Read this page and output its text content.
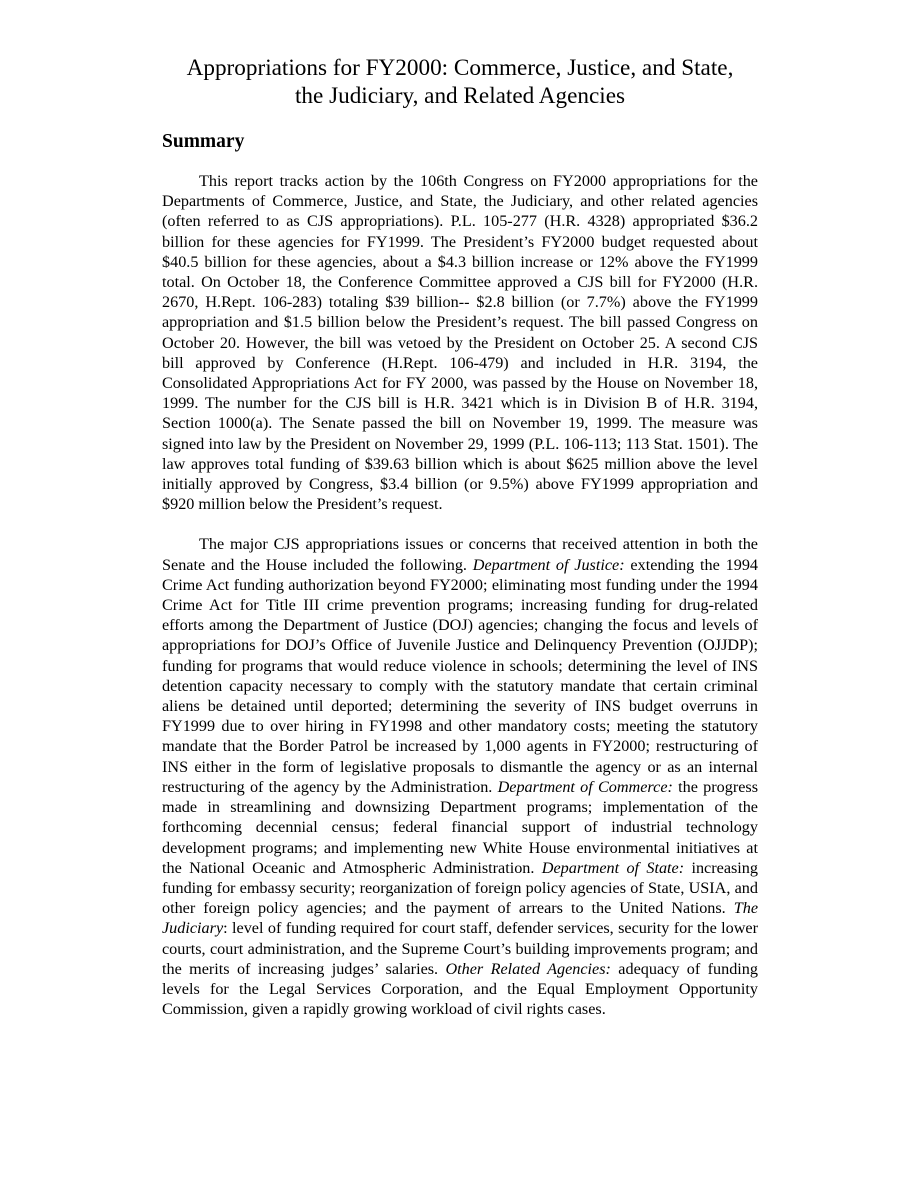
Appropriations for FY2000: Commerce, Justice, and State,
the Judiciary, and Related Agencies
Summary

This report tracks action by the 106th Congress on FY2000 appropriations for the Departments of Commerce, Justice, and State, the Judiciary, and other related agencies (often referred to as CJS appropriations). P.L. 105-277 (H.R. 4328) appropriated $36.2 billion for these agencies for FY1999. The President’s FY2000 budget requested about $40.5 billion for these agencies, about a $4.3 billion increase or 12% above the FY1999 total. On October 18, the Conference Committee approved a CJS bill for FY2000 (H.R. 2670, H.Rept. 106-283) totaling $39 billion-- $2.8 billion (or 7.7%) above the FY1999 appropriation and $1.5 billion below the President’s request. The bill passed Congress on October 20. However, the bill was vetoed by the President on October 25. A second CJS bill approved by Conference (H.Rept. 106-479) and included in H.R. 3194, the Consolidated Appropriations Act for FY 2000, was passed by the House on November 18, 1999. The number for the CJS bill is H.R. 3421 which is in Division B of H.R. 3194, Section 1000(a). The Senate passed the bill on November 19, 1999. The measure was signed into law by the President on November 29, 1999 (P.L. 106-113; 113 Stat. 1501). The law approves total funding of $39.63 billion which is about $625 million above the level initially approved by Congress, $3.4 billion (or 9.5%) above FY1999 appropriation and $920 million below the President’s request.

The major CJS appropriations issues or concerns that received attention in both the Senate and the House included the following. Department of Justice: extending the 1994 Crime Act funding authorization beyond FY2000; eliminating most funding under the 1994 Crime Act for Title III crime prevention programs; increasing funding for drug-related efforts among the Department of Justice (DOJ) agencies; changing the focus and levels of appropriations for DOJ’s Office of Juvenile Justice and Delinquency Prevention (OJJDP); funding for programs that would reduce violence in schools; determining the level of INS detention capacity necessary to comply with the statutory mandate that certain criminal aliens be detained until deported; determining the severity of INS budget overruns in FY1999 due to over hiring in FY1998 and other mandatory costs; meeting the statutory mandate that the Border Patrol be increased by 1,000 agents in FY2000; restructuring of INS either in the form of legislative proposals to dismantle the agency or as an internal restructuring of the agency by the Administration. Department of Commerce: the progress made in streamlining and downsizing Department programs; implementation of the forthcoming decennial census; federal financial support of industrial technology development programs; and implementing new White House environmental initiatives at the National Oceanic and Atmospheric Administration. Department of State: increasing funding for embassy security; reorganization of foreign policy agencies of State, USIA, and other foreign policy agencies; and the payment of arrears to the United Nations. The Judiciary: level of funding required for court staff, defender services, security for the lower courts, court administration, and the Supreme Court’s building improvements program; and the merits of increasing judges’ salaries. Other Related Agencies: adequacy of funding levels for the Legal Services Corporation, and the Equal Employment Opportunity Commission, given a rapidly growing workload of civil rights cases.
